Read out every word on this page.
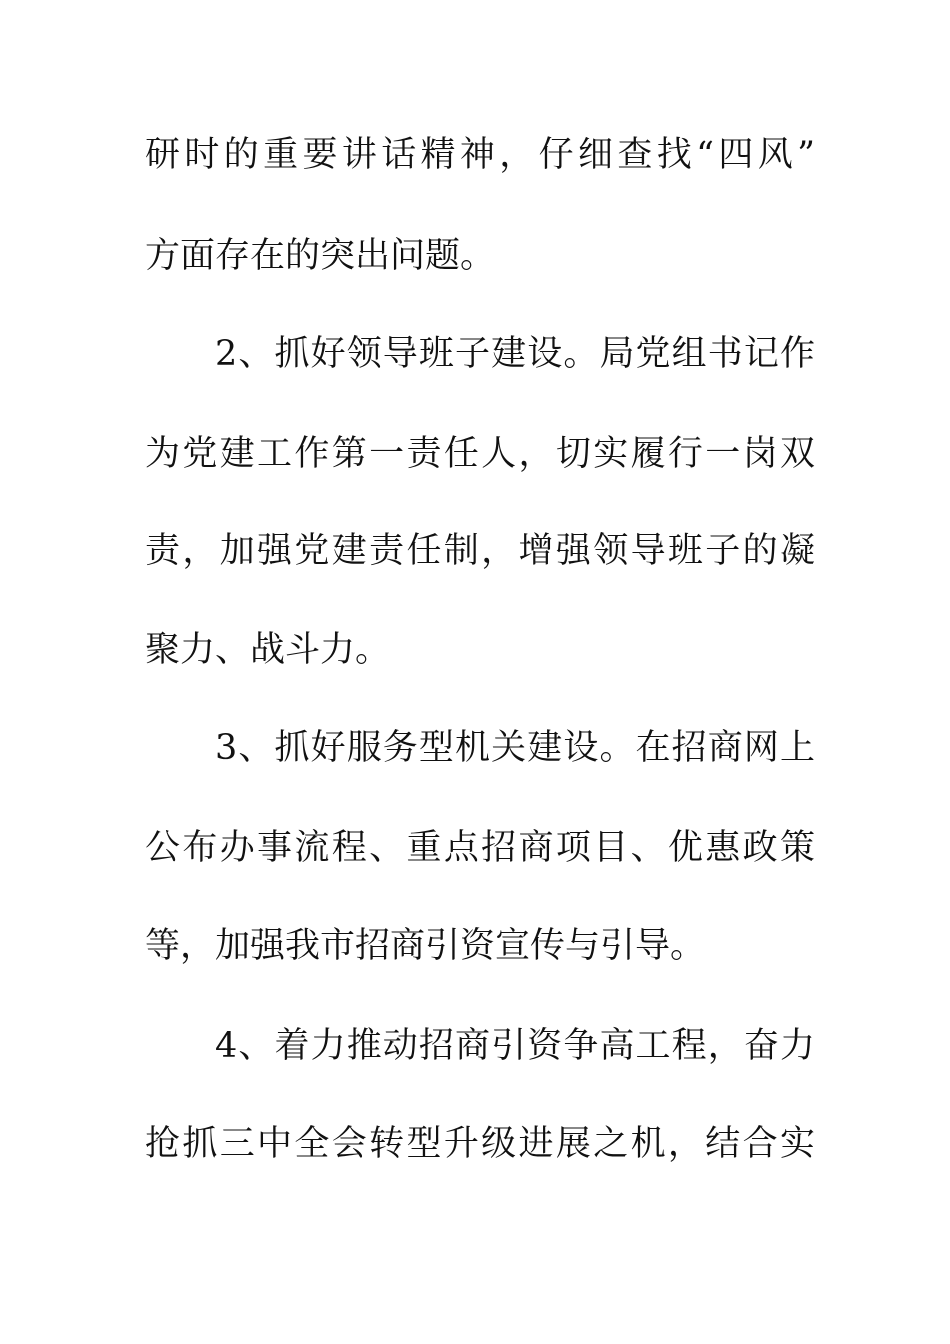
研时的重要讲话精神，仔细查找“四风”

方面存在的突出问题。

2、抓好领导班子建设。局党组书记作

为党建工作第一责任人，切实履行一岗双

责，加强党建责任制，增强领导班子的凝

聚力、战斗力。

3、抓好服务型机关建设。在招商网上

公布办事流程、重点招商项目、优惠政策

等，加强我市招商引资宣传与引导。

4、着力推动招商引资争高工程，奋力

抢抓三中全会转型升级进展之机，结合实
